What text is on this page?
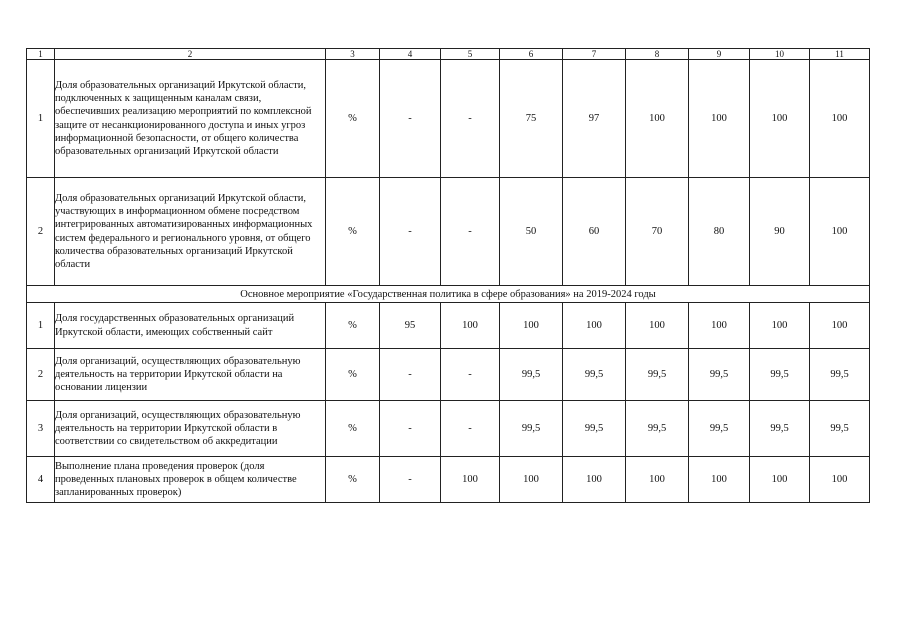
1	2	3	4	5	6	7	8	9	10	11
1	Доля образовательных организаций Иркутской области, подключенных к защищенным каналам связи, обеспечивших реализацию мероприятий по комплексной защите от несанкционированного доступа и иных угроз информационной безопасности, от общего количества образовательных организаций Иркутской области	%	-	-	75	97	100	100	100	100
2	Доля образовательных организаций Иркутской области, участвующих в информационном обмене посредством интегрированных автоматизированных информационных систем федерального и регионального уровня, от общего количества образовательных организаций Иркутской области	%	-	-	50	60	70	80	90	100
Основное мероприятие «Государственная политика в сфере образования» на 2019-2024 годы										
1	Доля государственных образовательных организаций Иркутской области, имеющих собственный сайт	%	95	100	100	100	100	100	100	100
2	Доля организаций, осуществляющих образовательную деятельность на территории Иркутской области на основании лицензии	%	-	-	99,5	99,5	99,5	99,5	99,5	99,5
3	Доля организаций, осуществляющих образовательную деятельность на территории Иркутской области в соответствии со свидетельством об аккредитации	%	-	-	99,5	99,5	99,5	99,5	99,5	99,5
4	Выполнение плана проведения проверок (доля проведенных плановых проверок в общем количестве запланированных проверок)	%	-	100	100	100	100	100	100	100
